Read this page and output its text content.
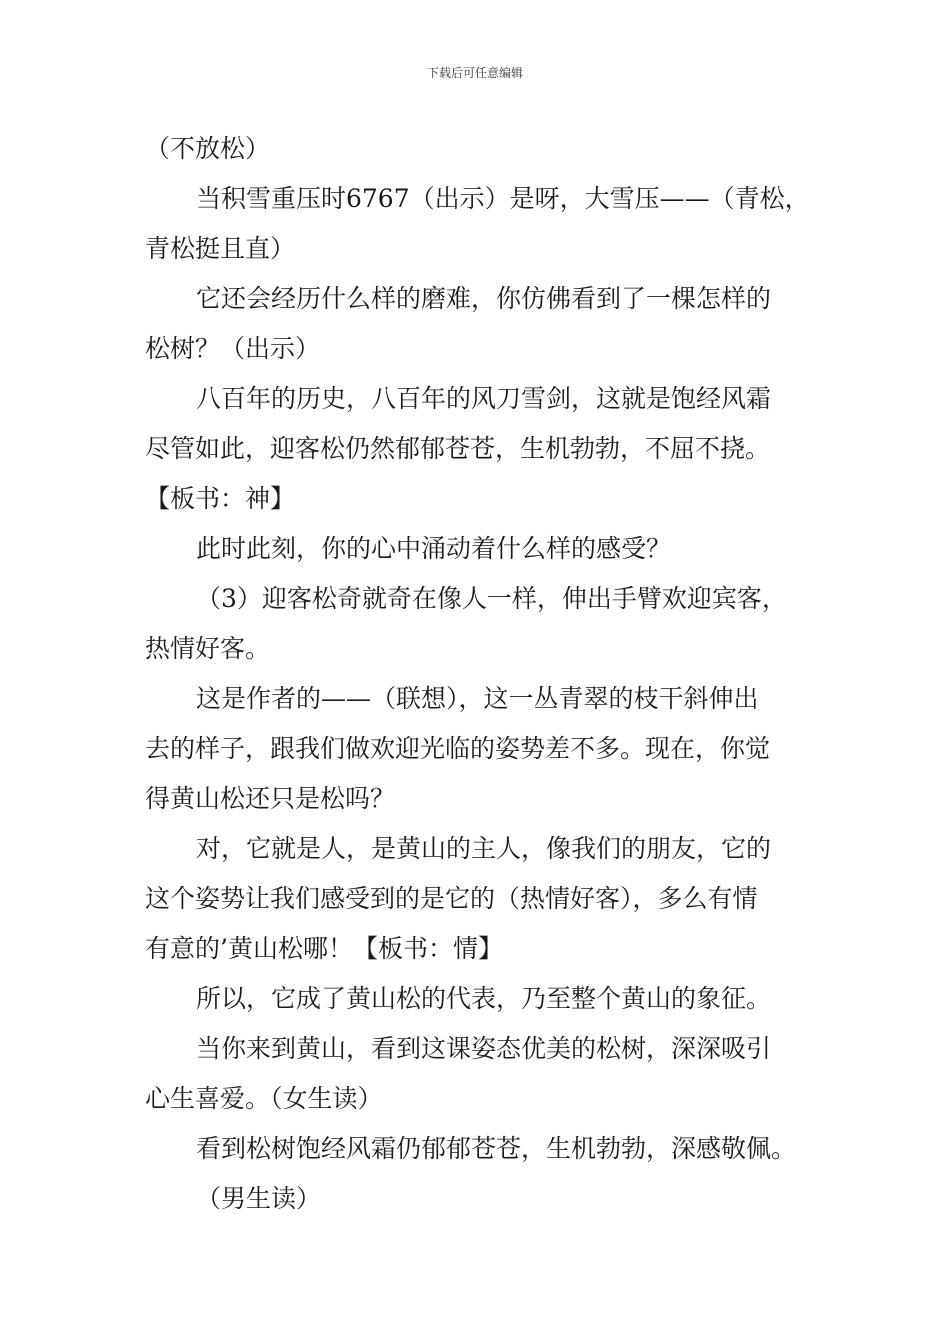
下载后可任意编辑
（不放松）
当积雪重压时6767（出示）是呀，大雪压——（青松，
青松挺且直）
它还会经历什么样的磨难，你仿佛看到了一棵怎样的
松树？（出示）
八百年的历史，八百年的风刀雪剑，这就是饱经风霜
尽管如此，迎客松仍然郁郁苍苍，生机勃勃，不屈不挠。
【板书：神】
此时此刻，你的心中涌动着什么样的感受？
（3）迎客松奇就奇在像人一样，伸出手臂欢迎宾客，
热情好客。
这是作者的——（联想），这一丛青翠的枝干斜伸出
去的样子，跟我们做欢迎光临的姿势差不多。现在，你觉
得黄山松还只是松吗？
对，它就是人，是黄山的主人，像我们的朋友，它的
这个姿势让我们感受到的是它的（热情好客），多么有情
有意的’黄山松哪！【板书：情】
所以，它成了黄山松的代表，乃至整个黄山的象征。
当你来到黄山，看到这课姿态优美的松树，深深吸引
心生喜爱。（女生读）
看到松树饱经风霜仍郁郁苍苍，生机勃勃，深感敬佩。
（男生读）
